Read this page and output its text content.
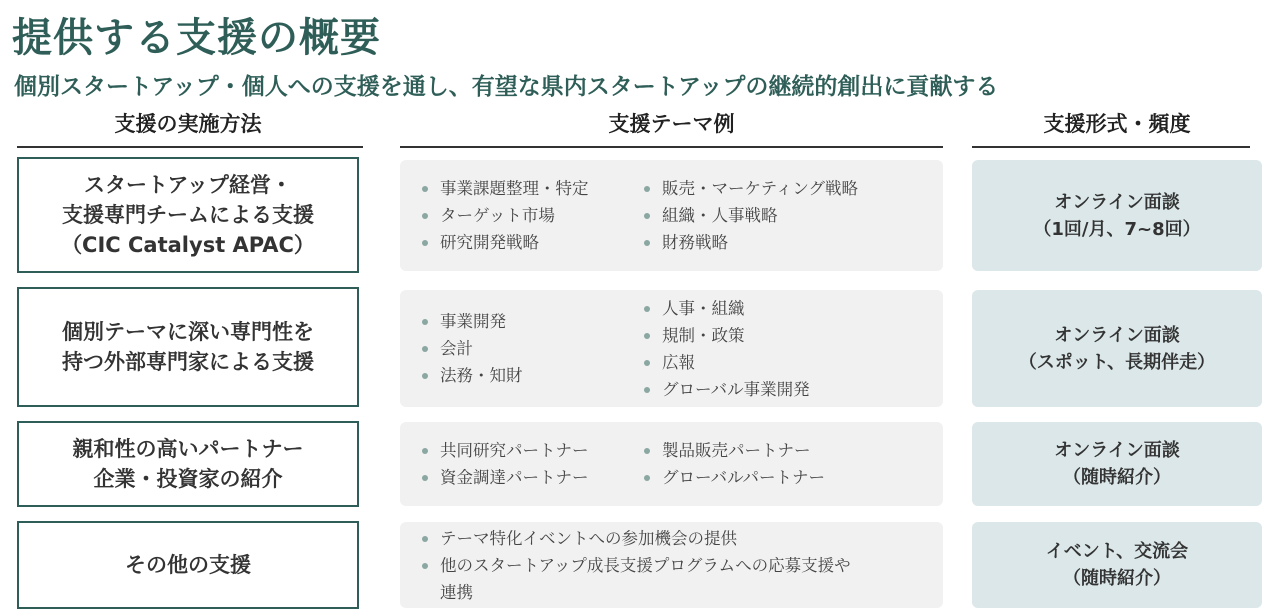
提供する支援の概要
個別スタートアップ・個人への支援を通し、有望な県内スタートアップの継続的創出に貢献する
支援の実施方法	支援テーマ例	支援形式・頻度
スタートアップ経営・
支援専門チームによる支援
（CIC Catalyst APAC）
事業課題整理・特定
ターゲット市場
研究開発戦略
販売・マーケティング戦略
組織・人事戦略
財務戦略
オンライン面談
（1回/月、7~8回）
個別テーマに深い専門性を
持つ外部専門家による支援
事業開発
会計
法務・知財
人事・組織
規制・政策
広報
グローバル事業開発
オンライン面談
（スポット、長期伴走）
親和性の高いパートナー
企業・投資家の紹介
共同研究パートナー
資金調達パートナー
製品販売パートナー
グローバルパートナー
オンライン面談
（随時紹介）
その他の支援
テーマ特化イベントへの参加機会の提供
他のスタートアップ成長支援プログラムへの応募支援や
連携
イベント、交流会
（随時紹介）
